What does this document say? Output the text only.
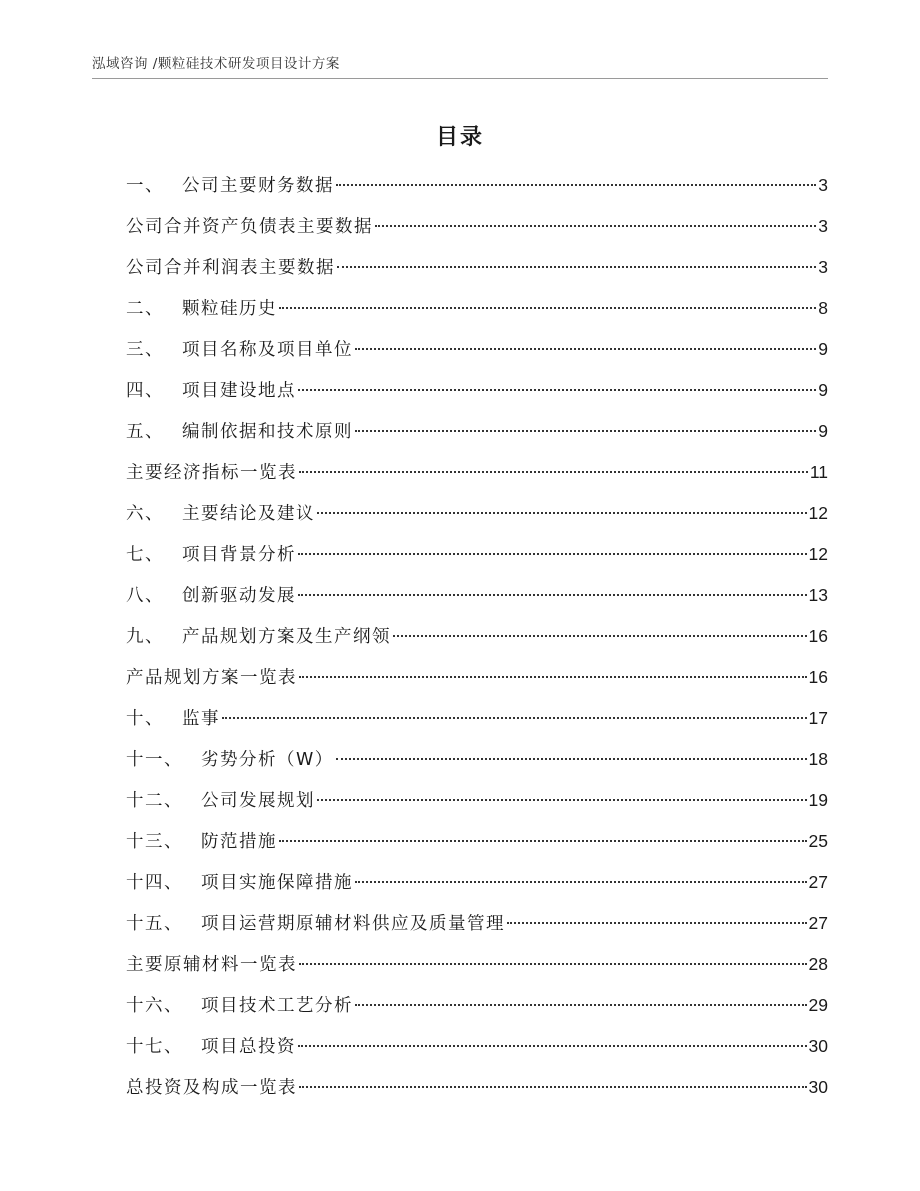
泓域咨询 /颗粒硅技术研发项目设计方案
目录
一、 公司主要财务数据	3
公司合并资产负债表主要数据	3
公司合并利润表主要数据	3
二、 颗粒硅历史	8
三、 项目名称及项目单位	9
四、 项目建设地点	9
五、 编制依据和技术原则	9
主要经济指标一览表	11
六、 主要结论及建议	12
七、 项目背景分析	12
八、 创新驱动发展	13
九、 产品规划方案及生产纲领	16
产品规划方案一览表	16
十、 监事	17
十一、 劣势分析（W）	18
十二、 公司发展规划	19
十三、 防范措施	25
十四、 项目实施保障措施	27
十五、 项目运营期原辅材料供应及质量管理	27
主要原辅材料一览表	28
十六、 项目技术工艺分析	29
十七、 项目总投资	30
总投资及构成一览表	30
